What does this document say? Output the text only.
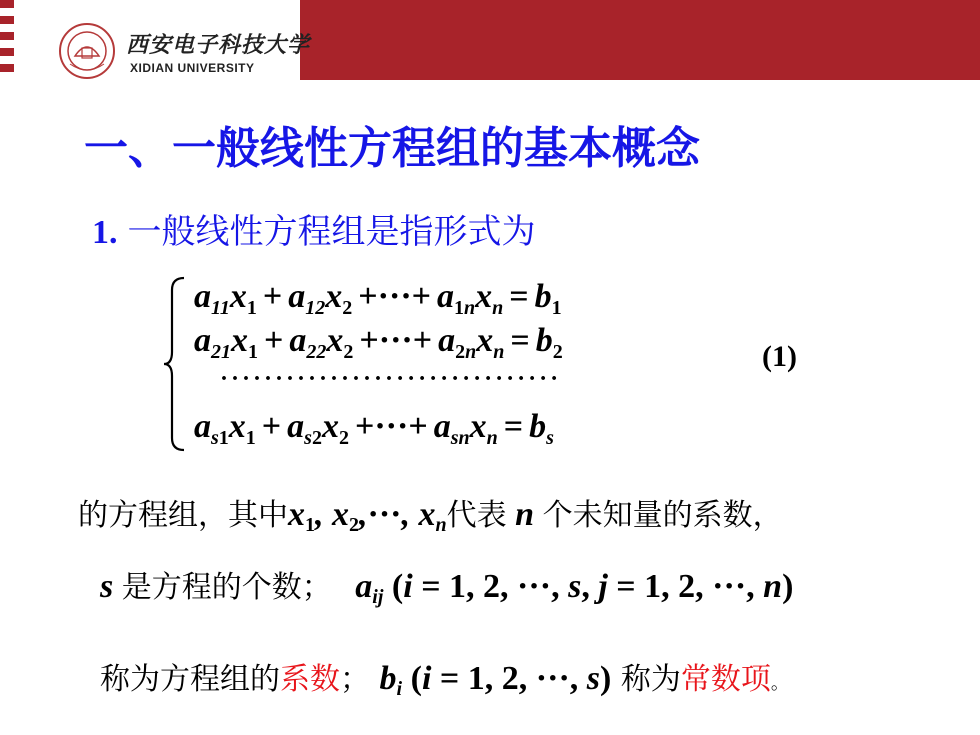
西安电子科技大学
XIDIAN UNIVERSITY
一、一般线性方程组的基本概念
1. 一般线性方程组是指形式为
$a_{11}x_1 + a_{12}x_2$ +···+ $a_{1n}x_n = b_1$
$a_{21}x_1 + a_{22}x_2$ +···+ $a_{2n}x_n = b_2$
·······························
$a_{s1}x_1 + a_{s2}x_2$ +···+ $a_{sn}x_n = b_s$
(1)
的方程组，其中$x_1$, $x_2,\cdot\cdot\cdot$, $x_n$代表 n 个未知量的系数，
s 是方程的个数； $a_{ij}$ (i = 1, 2, ···, s, j = 1, 2, ···, n)
称为方程组的系数； $b_i$ (i = 1, 2, ···, s) 称为常数项。
